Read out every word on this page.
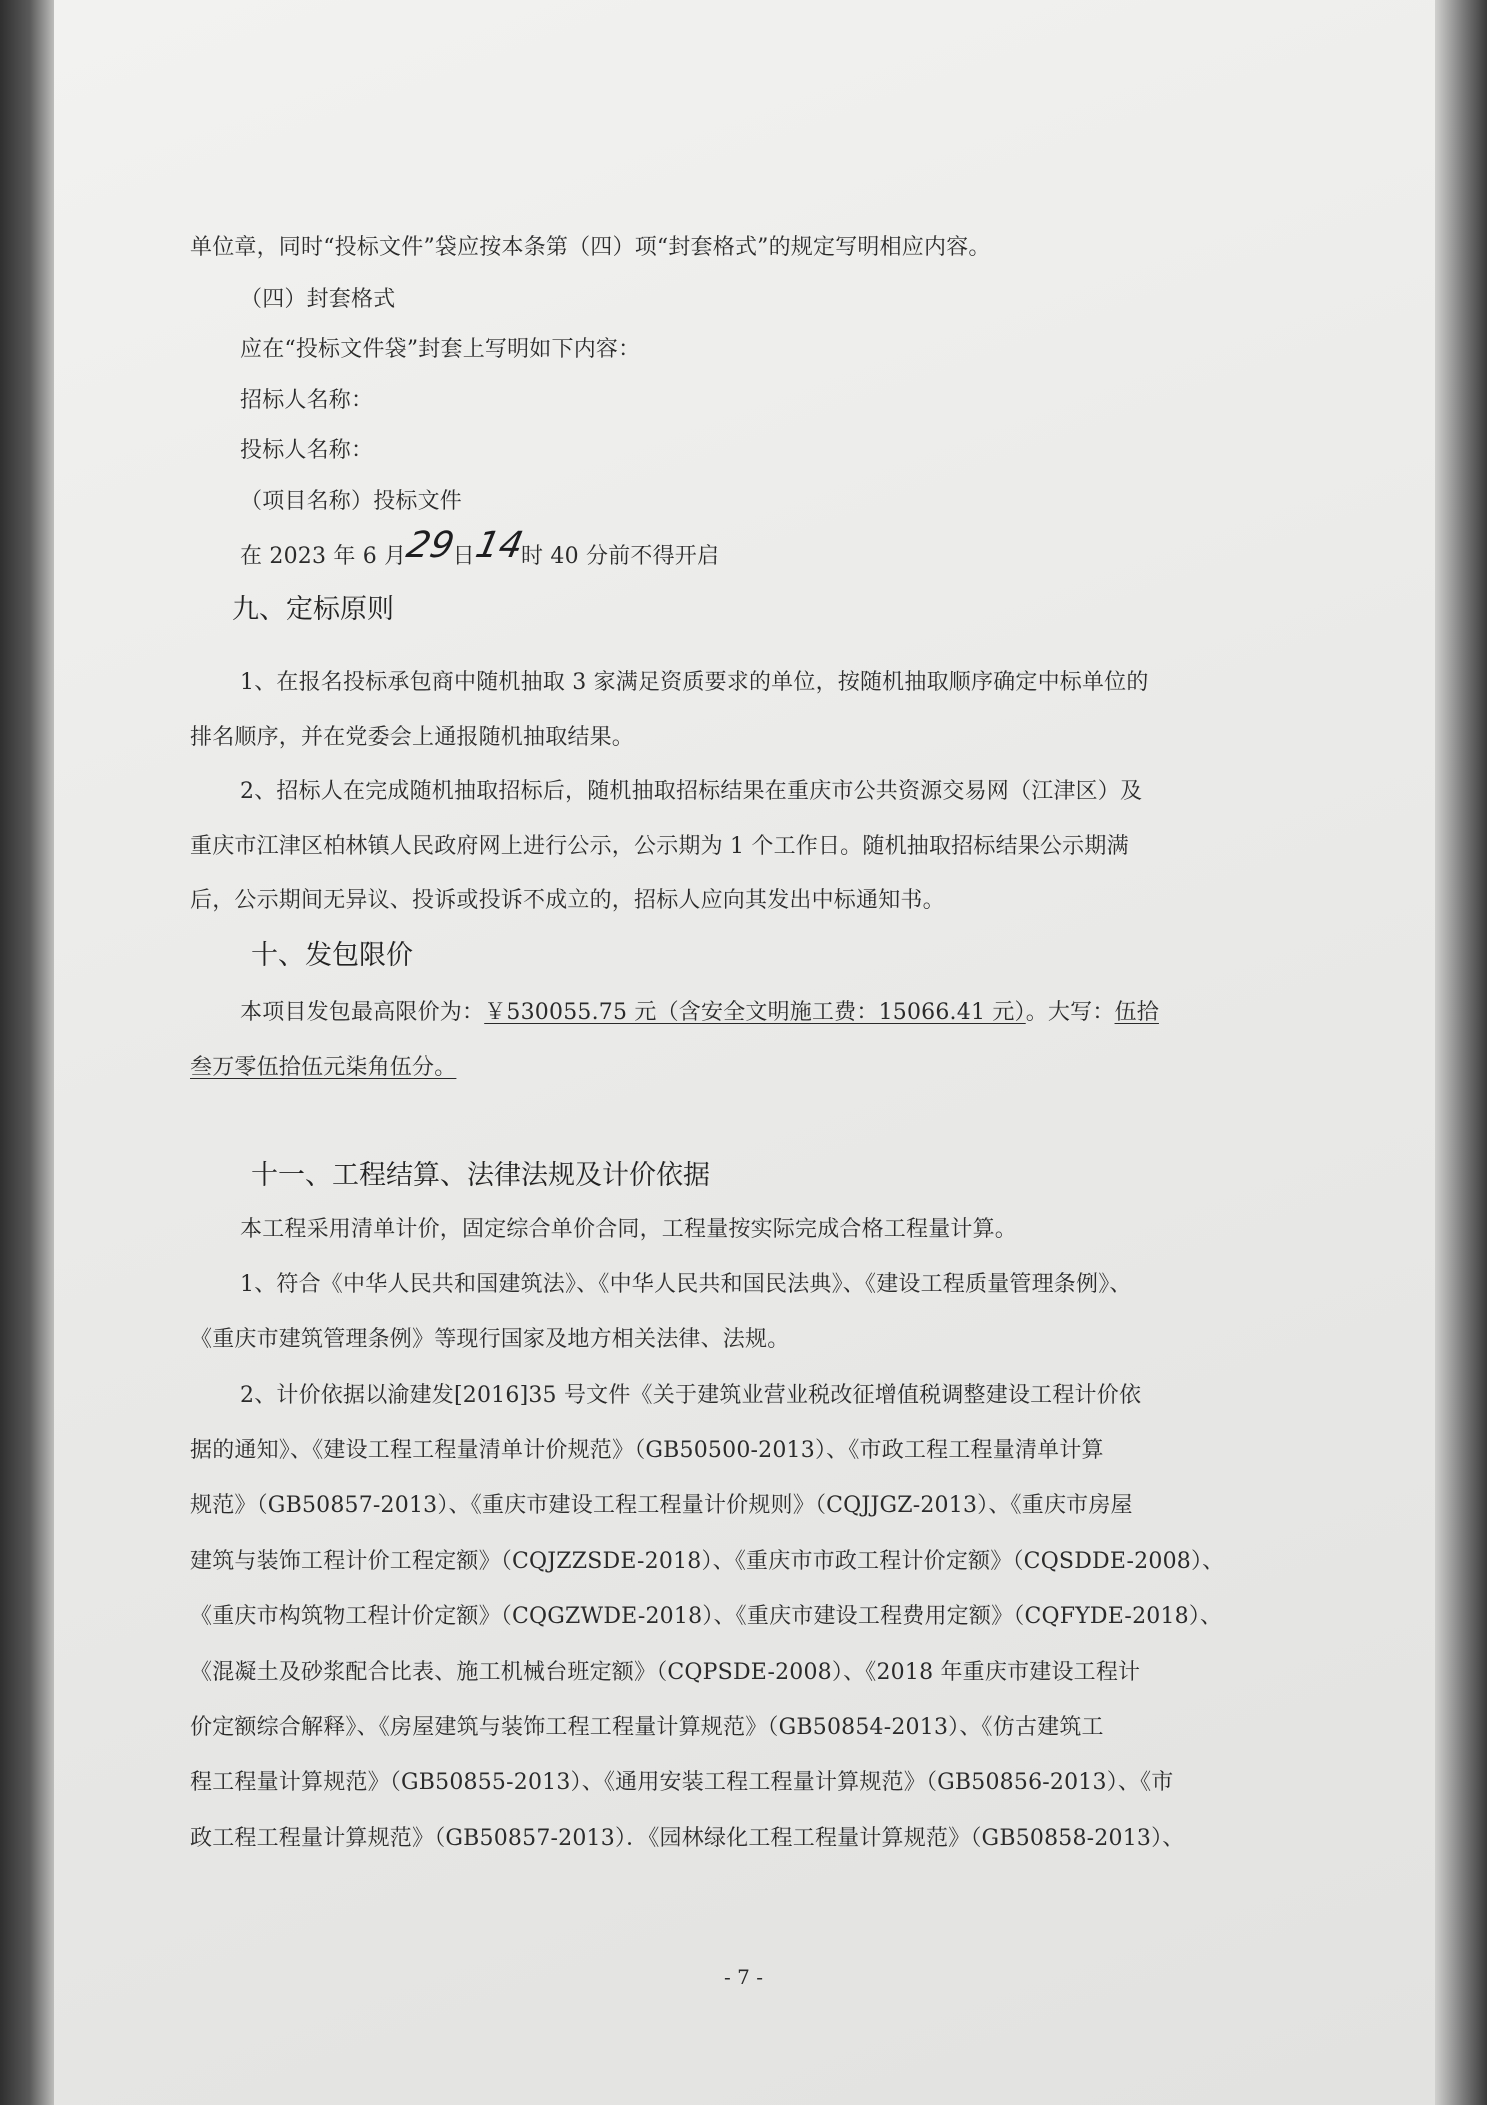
单位章，同时“投标文件”袋应按本条第（四）项“封套格式”的规定写明相应内容。
（四）封套格式
应在“投标文件袋”封套上写明如下内容：
招标人名称：
投标人名称：
（项目名称）投标文件
在 2023 年 6 月29日14时 40 分前不得开启
九、定标原则
1、在报名投标承包商中随机抽取 3 家满足资质要求的单位，按随机抽取顺序确定中标单位的
排名顺序，并在党委会上通报随机抽取结果。
2、招标人在完成随机抽取招标后，随机抽取招标结果在重庆市公共资源交易网（江津区）及
重庆市江津区柏林镇人民政府网上进行公示，公示期为 1 个工作日。随机抽取招标结果公示期满
后，公示期间无异议、投诉或投诉不成立的，招标人应向其发出中标通知书。
十、发包限价
本项目发包最高限价为：￥530055.75 元（含安全文明施工费：15066.41 元）。大写：伍拾
叁万零伍拾伍元柒角伍分。
十一、工程结算、法律法规及计价依据
本工程采用清单计价，固定综合单价合同，工程量按实际完成合格工程量计算。
1、符合《中华人民共和国建筑法》、《中华人民共和国民法典》、《建设工程质量管理条例》、
《重庆市建筑管理条例》等现行国家及地方相关法律、法规。
2、计价依据以渝建发[2016]35 号文件《关于建筑业营业税改征增值税调整建设工程计价依
据的通知》、《建设工程工程量清单计价规范》（GB50500-2013）、《市政工程工程量清单计算
规范》（GB50857-2013）、《重庆市建设工程工程量计价规则》（CQJJGZ-2013）、《重庆市房屋
建筑与装饰工程计价工程定额》（CQJZZSDE-2018）、《重庆市市政工程计价定额》（CQSDDE-2008）、
《重庆市构筑物工程计价定额》（CQGZWDE-2018）、《重庆市建设工程费用定额》（CQFYDE-2018）、
《混凝土及砂浆配合比表、施工机械台班定额》（CQPSDE-2008）、《2018 年重庆市建设工程计
价定额综合解释》、《房屋建筑与装饰工程工程量计算规范》（GB50854-2013）、《仿古建筑工
程工程量计算规范》（GB50855-2013）、《通用安装工程工程量计算规范》（GB50856-2013）、《市
政工程工程量计算规范》（GB50857-2013）．《园林绿化工程工程量计算规范》（GB50858-2013）、
- 7 -
